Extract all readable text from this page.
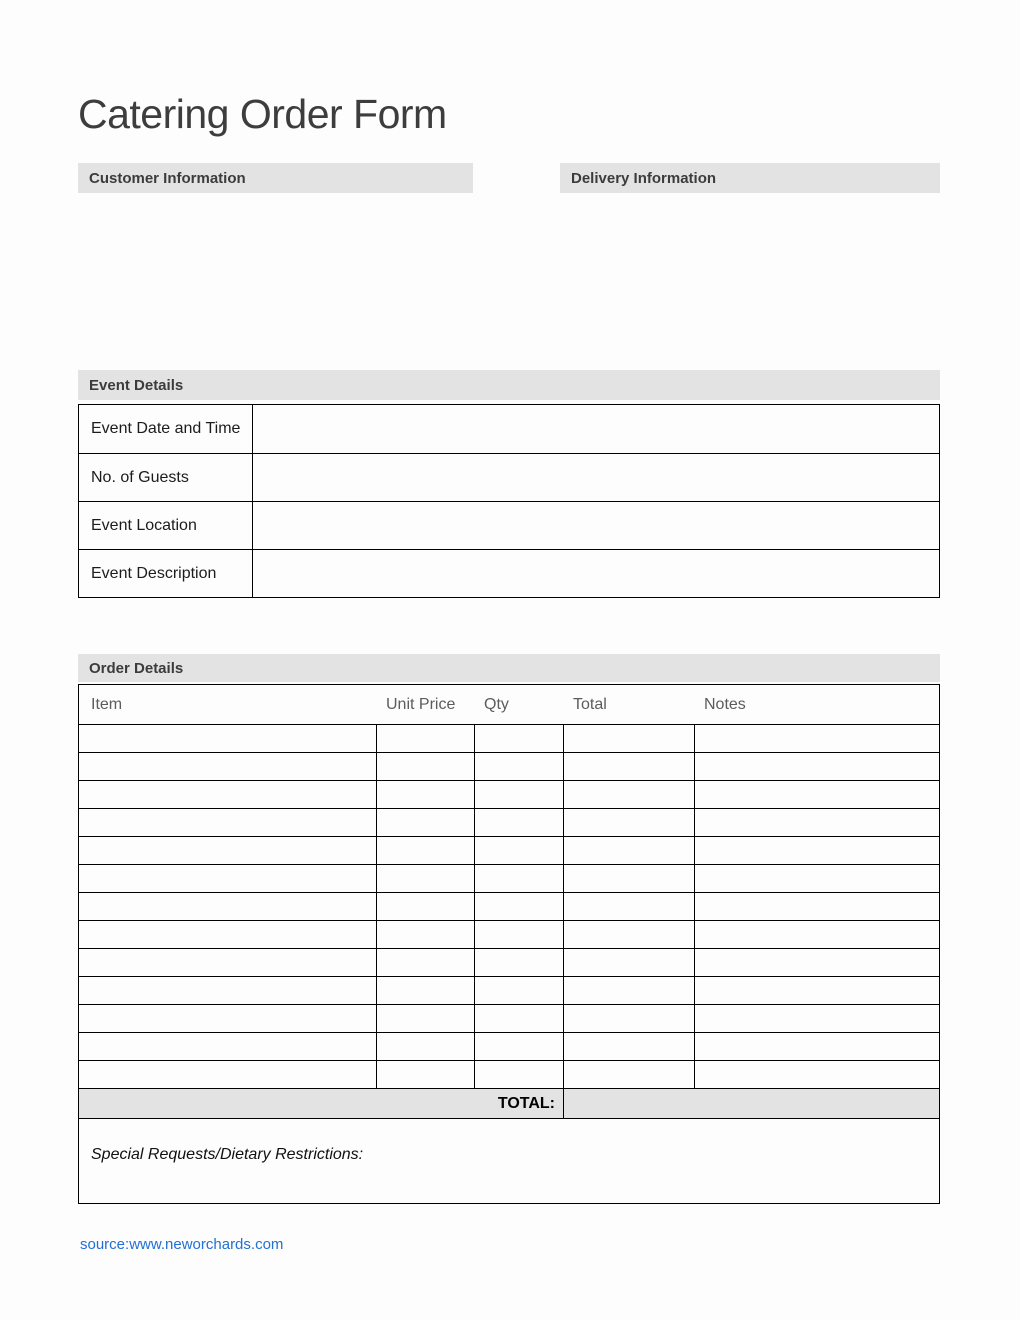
Catering Order Form
Customer Information	Delivery Information
Event Details
Event Date and Time
No. of Guests
Event Location
Event Description
Order Details
Item	Unit Price	Qty	Total	Notes
TOTAL:
Special Requests/Dietary Restrictions:
source:www.neworchards.com
